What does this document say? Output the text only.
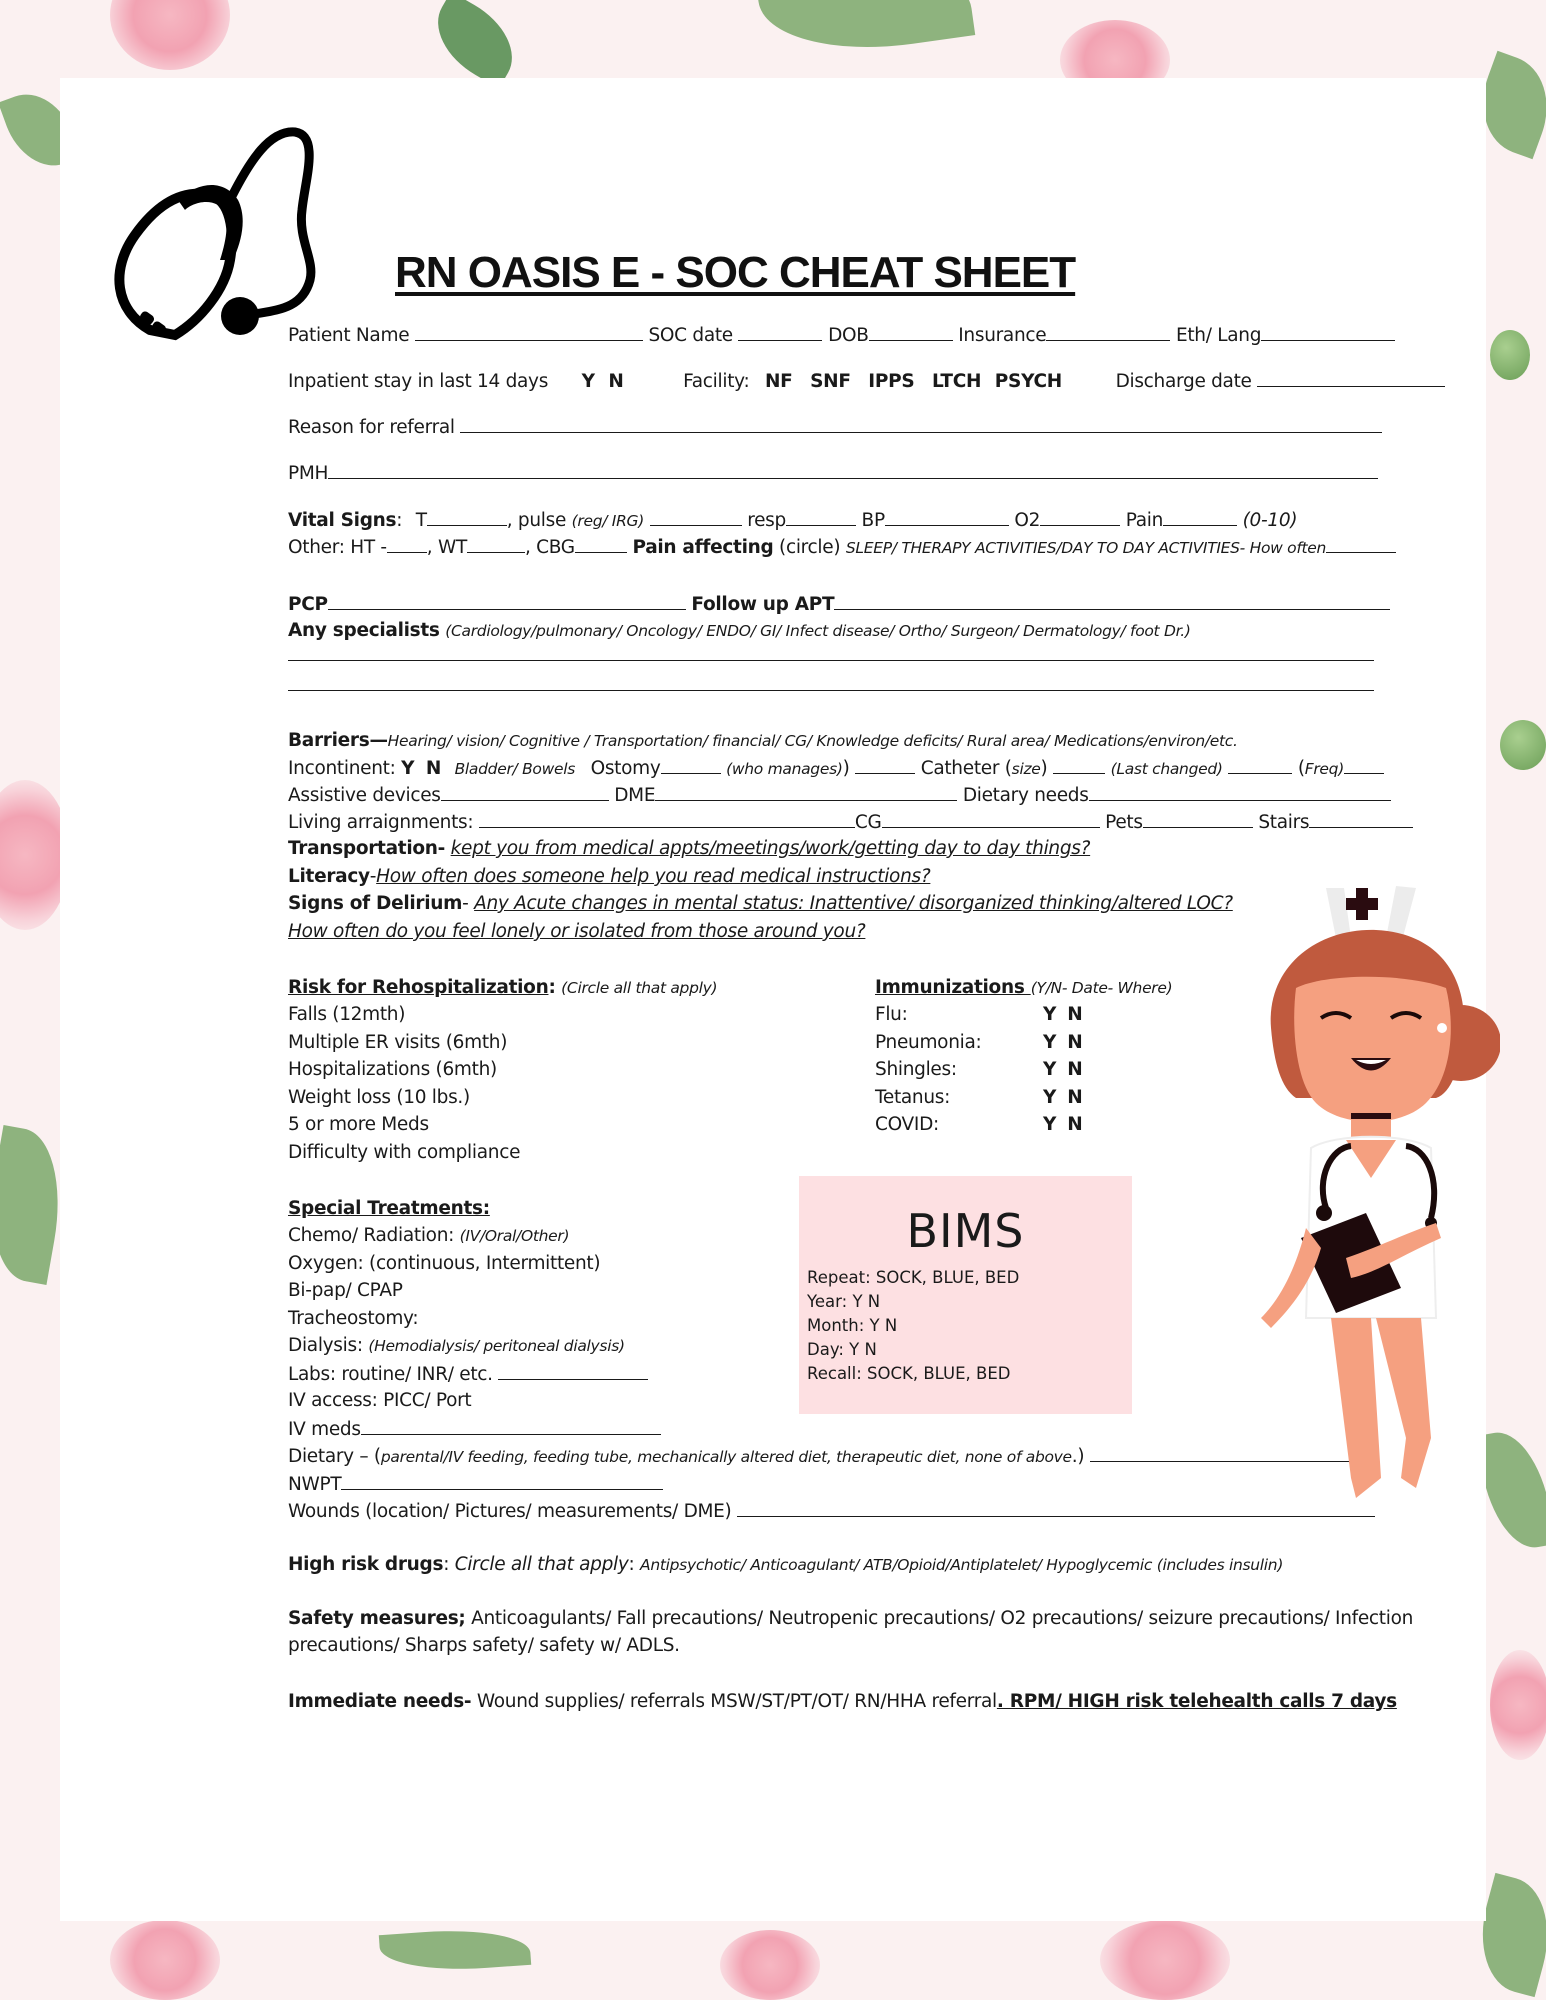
RN OASIS E - SOC CHEAT SHEET
Patient Name	SOC date	DOB	Insurance	Eth/ Lang
Inpatient stay in last 14 days Y N	Facility: NF SNF IPPS LTCH PSYCH	Discharge date
Reason for referral
PMH
Vital Signs: T	, pulse (reg/ IRG)	resp	BP	O2	Pain	(0-10)
Other: HT - , WT	, CBG	Pain affecting (circle) SLEEP/ THERAPY ACTIVITIES/DAY TO DAY ACTIVITIES- How often
PCP	Follow up APT
Any specialists (Cardiology/pulmonary/ Oncology/ ENDO/ GI/ Infect disease/ Ortho/ Surgeon/ Dermatology/ foot Dr.)
Barriers—Hearing/ vision/ Cognitive / Transportation/ financial/ CG/ Knowledge deficits/ Rural area/ Medications/environ/etc.
Incontinent: Y N Bladder/ Bowels Ostomy	(who manages))	Catheter (size)	(Last changed)	(Freq)
Assistive devices	DME	Dietary needs
Living arraignments:	CG	Pets	Stairs
Transportation- kept you from medical appts/meetings/work/getting day to day things?
Literacy-How often does someone help you read medical instructions?
Signs of Delirium- Any Acute changes in mental status: Inattentive/ disorganized thinking/altered LOC?
How often do you feel lonely or isolated from those around you?
Risk for Rehospitalization: (Circle all that apply)
Falls (12mth)
Multiple ER visits (6mth)
Hospitalizations (6mth)
Weight loss (10 lbs.)
5 or more Meds
Difficulty with compliance
Immunizations (Y/N- Date- Where)
Flu:	Y N
Pneumonia:	Y N
Shingles:	Y N
Tetanus:	Y N
COVID:	Y N
Special Treatments:
Chemo/ Radiation: (IV/Oral/Other)
Oxygen: (continuous, Intermittent)
Bi-pap/ CPAP
Tracheostomy:
Dialysis: (Hemodialysis/ peritoneal dialysis)
Labs: routine/ INR/ etc.
IV access: PICC/ Port
IV meds
Dietary – (parental/IV feeding, feeding tube, mechanically altered diet, therapeutic diet, none of above.)
NWPT
Wounds (location/ Pictures/ measurements/ DME)
High risk drugs: Circle all that apply: Antipsychotic/ Anticoagulant/ ATB/Opioid/Antiplatelet/ Hypoglycemic (includes insulin)
Safety measures; Anticoagulants/ Fall precautions/ Neutropenic precautions/ O2 precautions/ seizure precautions/ Infection
precautions/ Sharps safety/ safety w/ ADLS.
Immediate needs- Wound supplies/ referrals MSW/ST/PT/OT/ RN/HHA referral. RPM/ HIGH risk telehealth calls 7 days
BIMS
Repeat: SOCK, BLUE, BED
Year: Y N
Month: Y N
Day: Y N
Recall: SOCK, BLUE, BED
